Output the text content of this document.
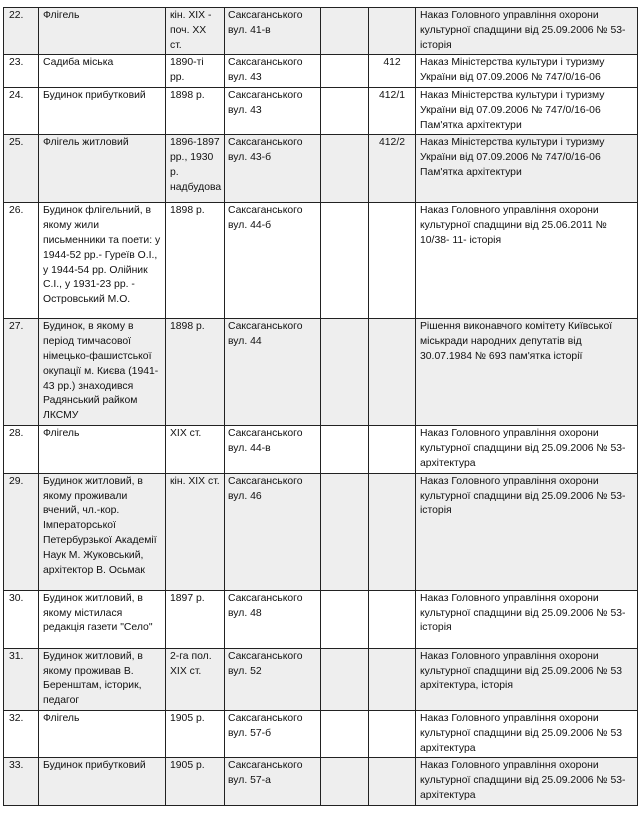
22.	Флігель	кін. XIX - поч. XX ст.	Саксаганського вул. 41-в			Наказ Головного управління охорони культурної спадщини від 25.09.2006 № 53- історія
23.	Садиба міська	1890-ті рр.	Саксаганського вул. 43		412	Наказ Міністерства культури і туризму України від 07.09.2006 № 747/0/16-06
24.	Будинок прибутковий	1898 р.	Саксаганського вул. 43		412/1	Наказ Міністерства культури і туризму України від 07.09.2006 № 747/0/16-06 Пам'ятка архітектури
25.	Флігель житловий	1896-1897 рр., 1930 р. надбудова	Саксаганського вул. 43-б		412/2	Наказ Міністерства культури і туризму України від 07.09.2006 № 747/0/16-06 Пам'ятка архітектури
26.	Будинок флігельний, в якому жили письменники та поети: у 1944-52 рр.- Гуреїв О.І., у 1944-54 рр. Олійник С.І., у 1931-23 рр. - Островський М.О.	1898 р.	Саксаганського вул. 44-б			Наказ Головного управління охорони культурної спадщини від 25.06.2011 № 10/38- 11- історія
27.	Будинок, в якому в період тимчасової німецько-фашистської окупації м. Києва (1941-43 рр.) знаходився Радянський райком ЛКСМУ	1898 р.	Саксаганського вул. 44			Рішення виконавчого комітету Київської міськради народних депутатів від 30.07.1984 № 693 пам'ятка історії
28.	Флігель	XIX ст.	Саксаганського вул. 44-в			Наказ Головного управління охорони культурної спадщини від 25.09.2006 № 53- архітектура
29.	Будинок житловий, в якому проживали вчений, чл.-кор. Імператорської Петербурзької Академії Наук М. Жуковський, архітектор В. Осьмак	кін. XIX ст.	Саксаганського вул. 46			Наказ Головного управління охорони культурної спадщини від 25.09.2006 № 53- історія
30.	Будинок житловий, в якому містилася редакція газети "Село"	1897 р.	Саксаганського вул. 48			Наказ Головного управління охорони культурної спадщини від 25.09.2006 № 53- історія
31.	Будинок житловий, в якому проживав В. Беренштам, історик, педагог	2-га пол. XIX ст.	Саксаганського вул. 52			Наказ Головного управління охорони культурної спадщини від 25.09.2006 № 53 архітектура, історія
32.	Флігель	1905 р.	Саксаганського вул. 57-б			Наказ Головного управління охорони культурної спадщини від 25.09.2006 № 53 архітектура
33.	Будинок прибутковий	1905 р.	Саксаганського вул. 57-а			Наказ Головного управління охорони культурної спадщини від 25.09.2006 № 53- архітектура
